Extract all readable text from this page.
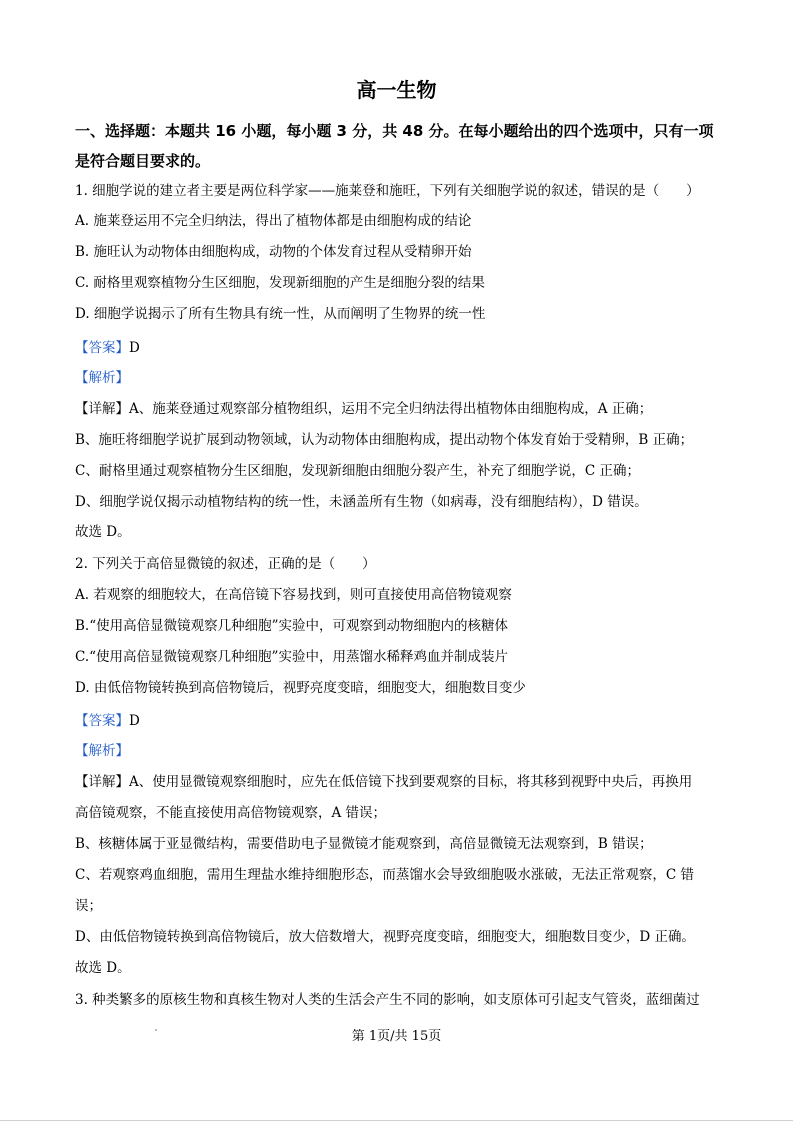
高一生物
一、选择题：本题共 16 小题，每小题 3 分，共 48 分。在每小题给出的四个选项中，只有一项是符合题目要求的。
1. 细胞学说的建立者主要是两位科学家——施莱登和施旺，下列有关细胞学说的叙述，错误的是（　　）
A. 施莱登运用不完全归纳法，得出了植物体都是由细胞构成的结论
B. 施旺认为动物体由细胞构成，动物的个体发育过程从受精卵开始
C. 耐格里观察植物分生区细胞，发现新细胞的产生是细胞分裂的结果
D. 细胞学说揭示了所有生物具有统一性，从而阐明了生物界的统一性
【答案】D
【解析】
【详解】A、施莱登通过观察部分植物组织，运用不完全归纳法得出植物体由细胞构成，A 正确；
B、施旺将细胞学说扩展到动物领域，认为动物体由细胞构成，提出动物个体发育始于受精卵，B 正确；
C、耐格里通过观察植物分生区细胞，发现新细胞由细胞分裂产生，补充了细胞学说，C 正确；
D、细胞学说仅揭示动植物结构的统一性，未涵盖所有生物（如病毒，没有细胞结构），D 错误。
故选 D。
2. 下列关于高倍显微镜的叙述，正确的是（　　）
A. 若观察的细胞较大，在高倍镜下容易找到，则可直接使用高倍物镜观察
B.“使用高倍显微镜观察几种细胞”实验中，可观察到动物细胞内的核糖体
C.“使用高倍显微镜观察几种细胞”实验中，用蒸馏水稀释鸡血并制成装片
D. 由低倍物镜转换到高倍物镜后，视野亮度变暗，细胞变大，细胞数目变少
【答案】D
【解析】
【详解】A、使用显微镜观察细胞时，应先在低倍镜下找到要观察的目标，将其移到视野中央后，再换用
高倍镜观察，不能直接使用高倍物镜观察，A 错误；
B、核糖体属于亚显微结构，需要借助电子显微镜才能观察到，高倍显微镜无法观察到，B 错误；
C、若观察鸡血细胞，需用生理盐水维持细胞形态，而蒸馏水会导致细胞吸水涨破，无法正常观察，C 错
误；
D、由低倍物镜转换到高倍物镜后，放大倍数增大，视野亮度变暗，细胞变大，细胞数目变少，D 正确。
故选 D。
3. 种类繁多的原核生物和真核生物对人类的生活会产生不同的影响，如支原体可引起支气管炎，蓝细菌过
第 1页/共 15页
